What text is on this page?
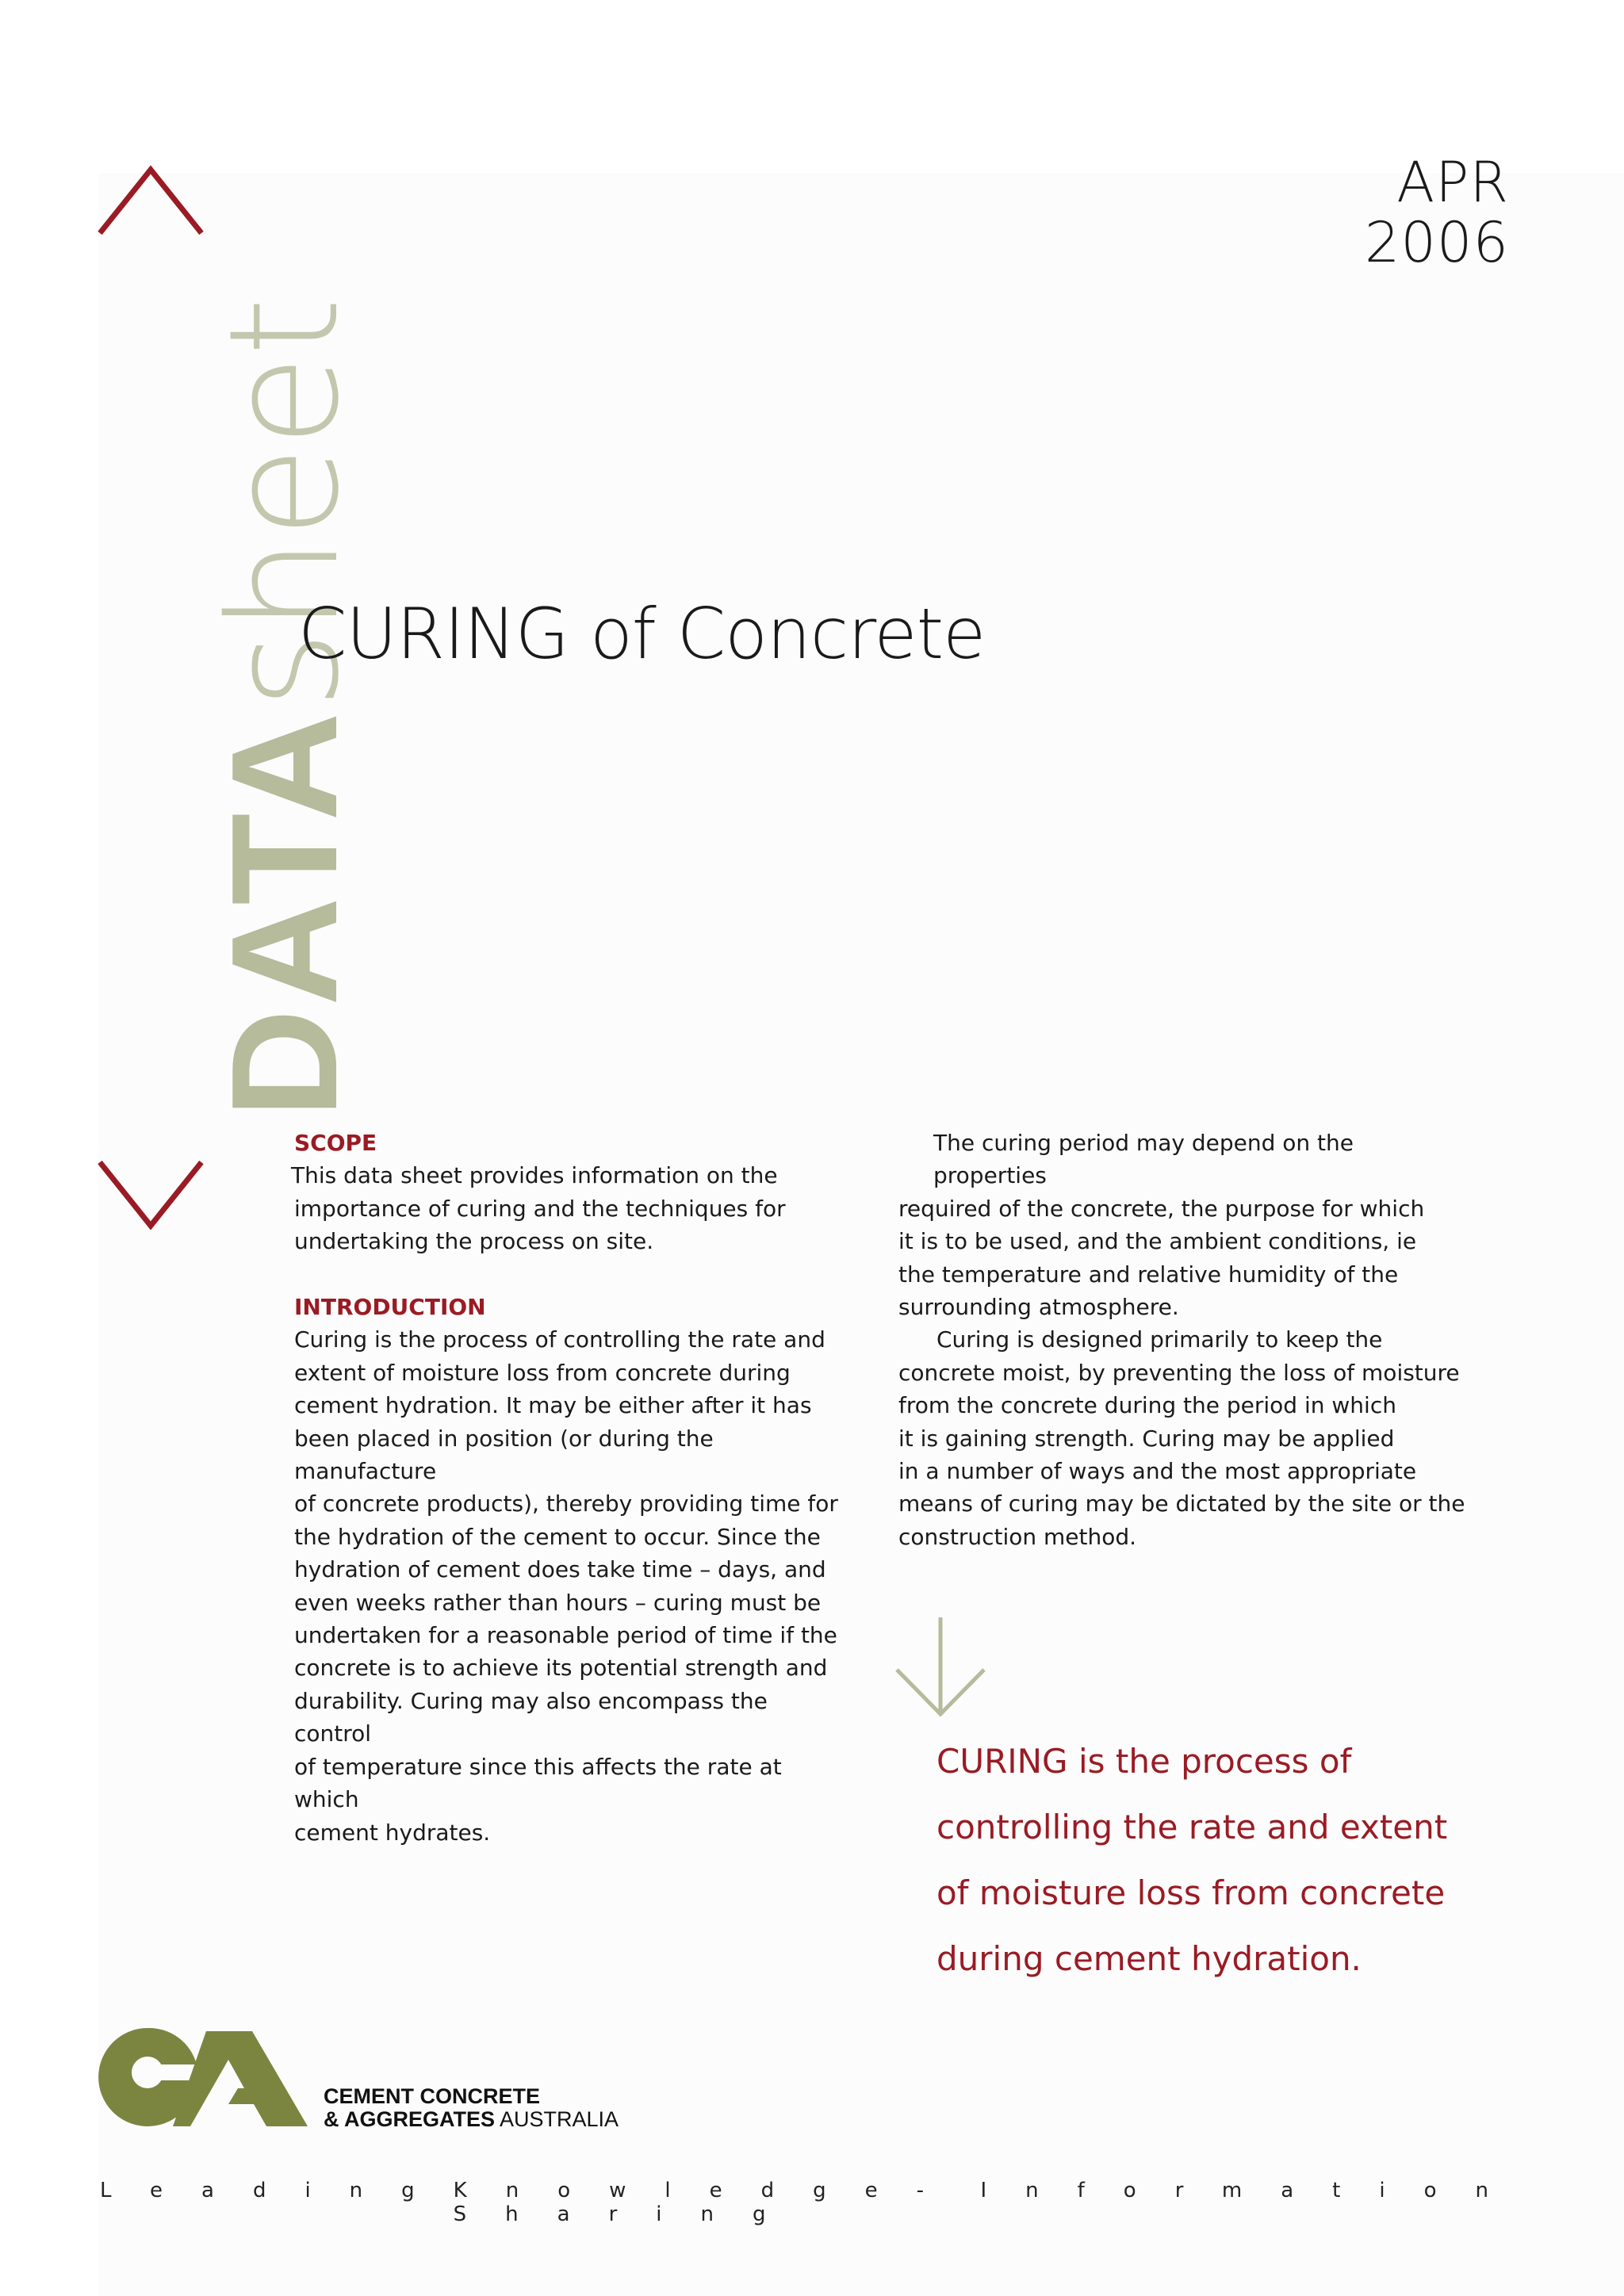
APR
2006
DATAsheet
CURING of Concrete
SCOPE
This data sheet provides information on the
importance of curing and the techniques for
undertaking the process on site.
INTRODUCTION
Curing is the process of controlling the rate and
extent of moisture loss from concrete during
cement hydration. It may be either after it has
been placed in position (or during the manufacture
of concrete products), thereby providing time for
the hydration of the cement to occur. Since the
hydration of cement does take time – days, and
even weeks rather than hours – curing must be
undertaken for a reasonable period of time if the
concrete is to achieve its potential strength and
durability. Curing may also encompass the control
of temperature since this affects the rate at which
cement hydrates.
The curing period may depend on the properties
required of the concrete, the purpose for which
it is to be used, and the ambient conditions, ie
the temperature and relative humidity of the
surrounding atmosphere.
Curing is designed primarily to keep the
concrete moist, by preventing the loss of moisture
from the concrete during the period in which
it is gaining strength. Curing may be applied
in a number of ways and the most appropriate
means of curing may be dictated by the site or the
construction method.
CURING is the process of
controlling the rate and extent
of moisture loss from concrete
during cement hydration.
CEMENT CONCRETE
& AGGREGATES AUSTRALIA
Leading Knowledge-Sharing
Information
